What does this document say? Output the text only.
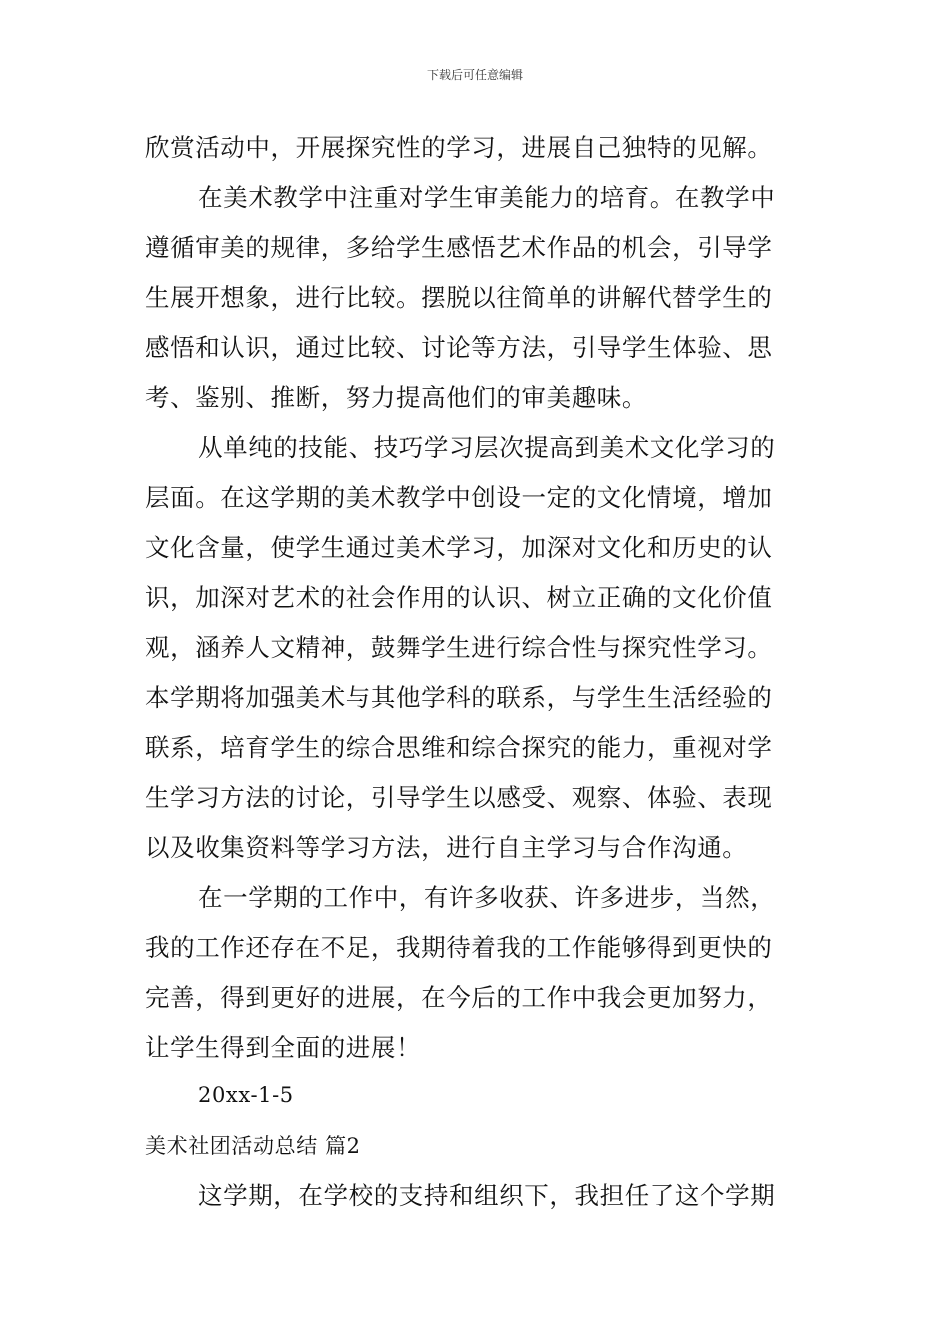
下载后可任意编辑
欣赏活动中，开展探究性的学习，进展自己独特的见解。
在美术教学中注重对学生审美能力的培育。在教学中
遵循审美的规律，多给学生感悟艺术作品的机会，引导学
生展开想象，进行比较。摆脱以往简单的讲解代替学生的
感悟和认识，通过比较、讨论等方法，引导学生体验、思
考、鉴别、推断，努力提高他们的审美趣味。
从单纯的技能、技巧学习层次提高到美术文化学习的
层面。在这学期的美术教学中创设一定的文化情境，增加
文化含量，使学生通过美术学习，加深对文化和历史的认
识，加深对艺术的社会作用的认识、树立正确的文化价值
观，涵养人文精神，鼓舞学生进行综合性与探究性学习。
本学期将加强美术与其他学科的联系，与学生生活经验的
联系，培育学生的综合思维和综合探究的能力，重视对学
生学习方法的讨论，引导学生以感受、观察、体验、表现
以及收集资料等学习方法，进行自主学习与合作沟通。
在一学期的工作中，有许多收获、许多进步，当然，
我的工作还存在不足，我期待着我的工作能够得到更快的
完善，得到更好的进展，在今后的工作中我会更加努力，
让学生得到全面的进展！
20xx-1-5
美术社团活动总结 篇2
这学期，在学校的支持和组织下，我担任了这个学期
